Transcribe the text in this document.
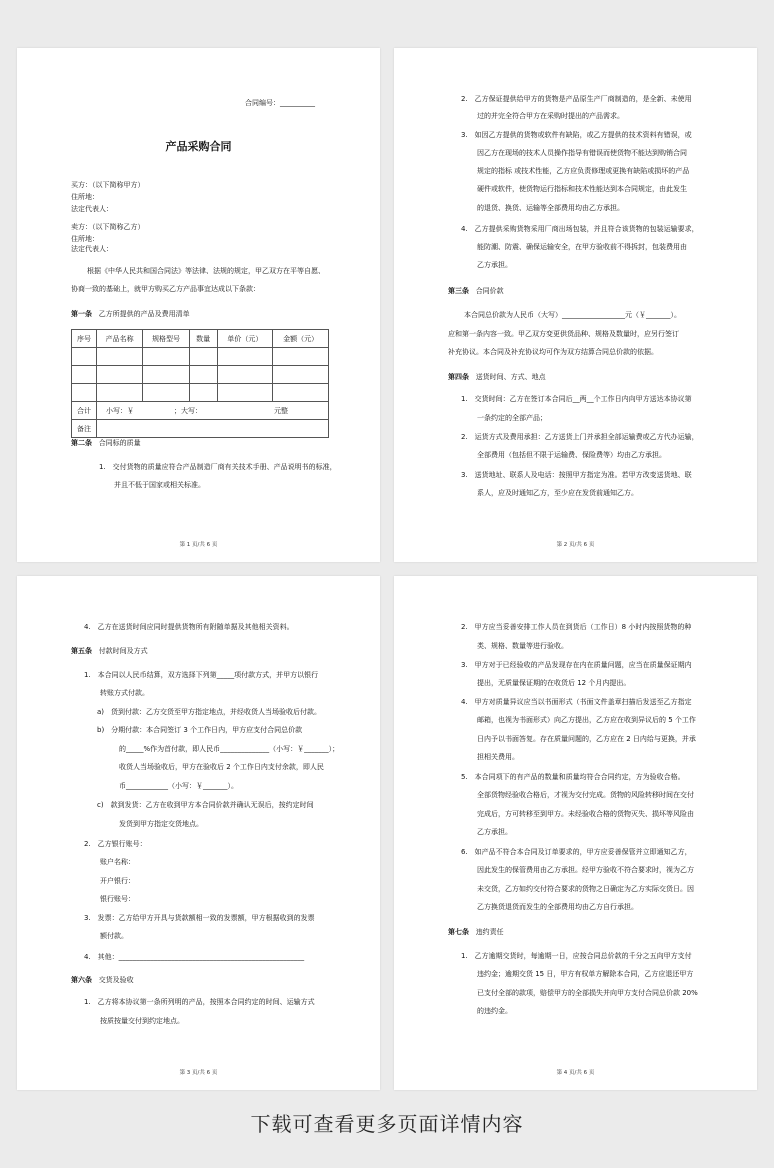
合同编号：__________
产品采购合同
买方：（以下简称甲方）
住所地：
法定代表人：
卖方：（以下简称乙方）
住所地：
法定代表人：
根据《中华人民共和国合同法》等法律、法规的规定，甲乙双方在平等自愿、
协商一致的基础上，就甲方购买乙方产品事宜达成以下条款：
第一条 乙方所提供的产品及费用清单
序号	产品名称	规格型号	数量	单价（元）	金额（元）

合计	小写：￥ ；大写： 元整				
备注					
第二条 合同标的质量
1.　交付货物的质量应符合产品制造厂商有关技术手册、产品说明书的标准，
并且不低于国家或相关标准。
第 1 页/共 6 页
2.　乙方保证提供给甲方的货物是产品原生产厂商制造的，是全新、未使用
过的并完全符合甲方在采购时提出的产品需求。
3.　如因乙方提供的货物或软件有缺陷，或乙方提供的技术资料有错误，或
因乙方在现场的技术人员操作指导有错误而使货物不能达到购销合同
规定的指标 或技术性能，乙方应负责修理或更换有缺陷或损坏的产品
硬件或软件，使货物运行指标和技术性能达到本合同规定，由此发生
的退货、换货、运输等全部费用均由乙方承担。
4.　乙方提供采购货物采用厂商出场包装，并且符合该货物的包装运输要求，
能防潮、防震、确保运输安全，在甲方验收前不得拆封，包装费用由
乙方承担。
第三条 合同价款
本合同总价款为人民币（大写）__________________元（￥_______）。
应和第一条内容一致。甲乙双方变更供货品种、规格及数量时，应另行签订
补充协议。本合同及补充协议均可作为双方结算合同总价款的依据。
第四条 送货时间、方式、地点
1.　交货时间：乙方在签订本合同后__两__个工作日内向甲方送达本协议第
一条约定的全部产品；
2.　运货方式及费用承担：乙方送货上门并承担全部运输费或乙方代办运输，
全部费用（包括但不限于运输费、保险费等）均由乙方承担。
3.　送货地址、联系人及电话：按照甲方指定为准。若甲方改变送货地、联
系人，应及时通知乙方，至少应在发货前通知乙方。
第 2 页/共 6 页
4.　乙方在送货时间应同时提供货物所有附随单据及其他相关资料。
第五条 付款时间及方式
1.　本合同以人民币结算，双方选择下列第_____项付款方式，并甲方以银行
转账方式付款。
a)　货到付款：乙方交货至甲方指定地点，并经收货人当场验收后付款。
b)　分期付款：本合同签订 3 个工作日内，甲方应支付合同总价款
的_____%作为首付款，即人民币______________（小写：￥_______）；
收货人当场验收后，甲方在验收后 2 个工作日内支付余款，即人民
币____________（小写：￥_______）。
c)　款到发货：乙方在收到甲方本合同价款并确认无误后，按约定时间
发货到甲方指定交货地点。
2.　乙方银行账号：
账户名称：
开户银行：
银行账号：
3.　发票：乙方给甲方开具与货款额相一致的发票额，甲方根据收到的发票
额付款。
4.　其他：_____________________________________________________
第六条 交货及验收
1.　乙方将本协议第一条所列明的产品，按照本合同约定的时间、运输方式
按质按量交付到约定地点。
第 3 页/共 6 页
2.　甲方应当妥善安排工作人员在到货后（工作日）8 小时内按照货物的种
类、规格、数量等进行验收。
3.　甲方对于已经验收的产品发现存在内在质量问题，应当在质量保证期内
提出，无质量保证期的在收货后 12 个月内提出。
4.　甲方对质量异议应当以书面形式（书面文件盖章扫描后发送至乙方指定
邮箱，也视为书面形式）向乙方提出，乙方应在收到异议后的 5 个工作
日内予以书面答复。存在质量问题的，乙方应在 2 日内给与更换，并承
担相关费用。
5.　本合同项下的有产品的数量和质量均符合合同约定，方为验收合格。
全部货物经验收合格后，才视为交付完成。货物的风险转移时间在交付
完成后，方可转移至到甲方。未经验收合格的货物灭失、损坏等风险由
乙方承担。
6.　如产品不符合本合同及订单要求的，甲方应妥善保管并立即通知乙方，
因此发生的保管费用由乙方承担。经甲方验收不符合要求时，视为乙方
未交货，乙方如约交付符合要求的货物之日确定为乙方实际交货日。因
乙方换货退货而发生的全部费用均由乙方自行承担。
第七条 违约责任
1.　乙方逾期交货时，每逾期一日，应按合同总价款的千分之五向甲方支付
违约金；逾期交货 15 日，甲方有权单方解除本合同，乙方应退还甲方
已支付全部的款项，赔偿甲方的全部损失并向甲方支付合同总价款 20%
的违约金。
第 4 页/共 6 页
下载可查看更多页面详情内容
